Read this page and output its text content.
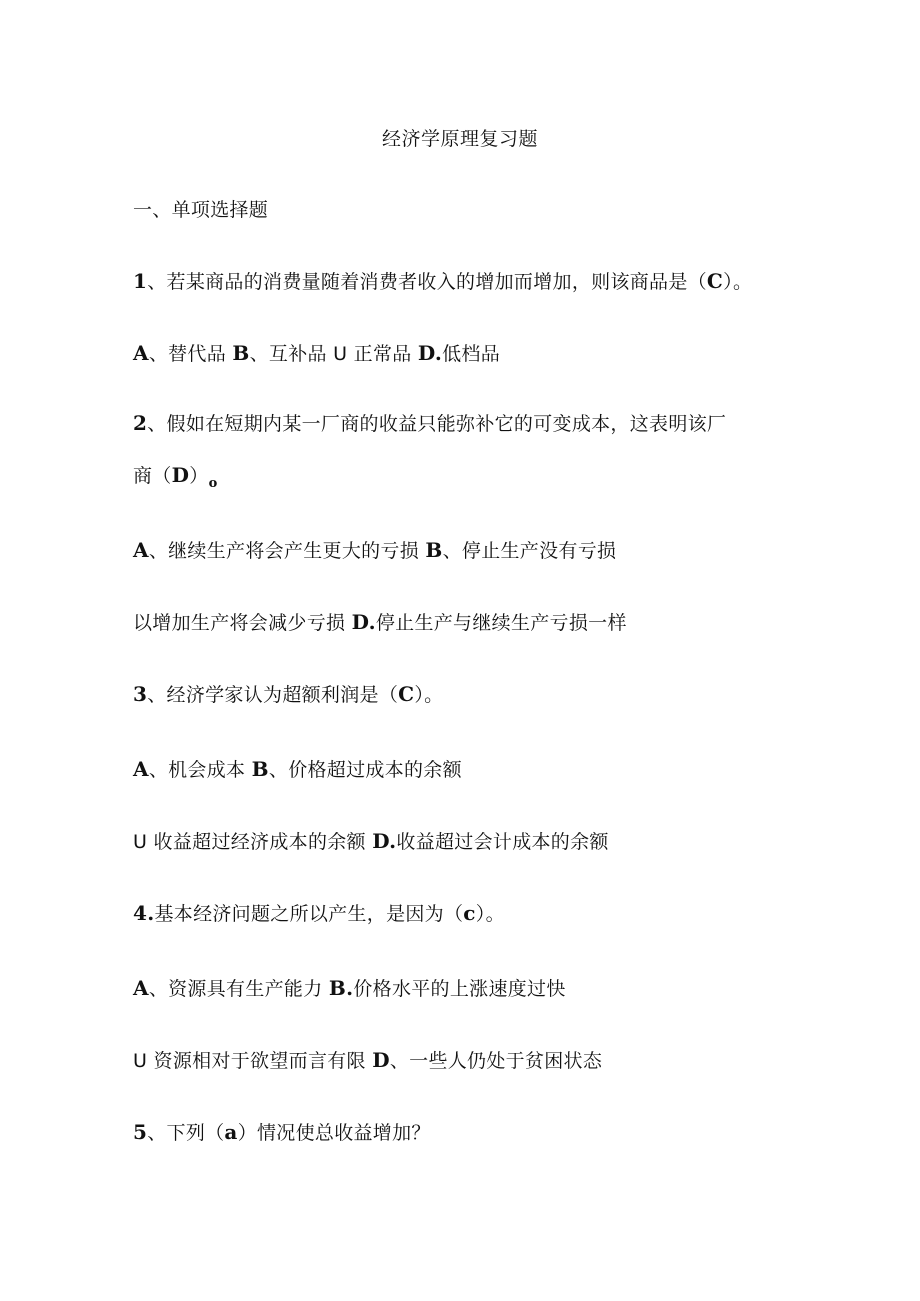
经济学原理复习题
一、单项选择题
1、若某商品的消费量随着消费者收入的增加而增加，则该商品是（C）。
A、替代品 B、互补品 U 正常品 D.低档品
2、假如在短期内某一厂商的收益只能弥补它的可变成本，这表明该厂
商$(D)_o$
A、继续生产将会产生更大的亏损 B、停止生产没有亏损
以增加生产将会减少亏损 D.停止生产与继续生产亏损一样
3、经济学家认为超额利润是（C）。
A、机会成本 B、价格超过成本的余额
U 收益超过经济成本的余额 D.收益超过会计成本的余额
4.基本经济问题之所以产生，是因为（c）。
A、资源具有生产能力 B.价格水平的上涨速度过快
U 资源相对于欲望而言有限 D、一些人仍处于贫困状态
5、下列（a）情况使总收益增加？
